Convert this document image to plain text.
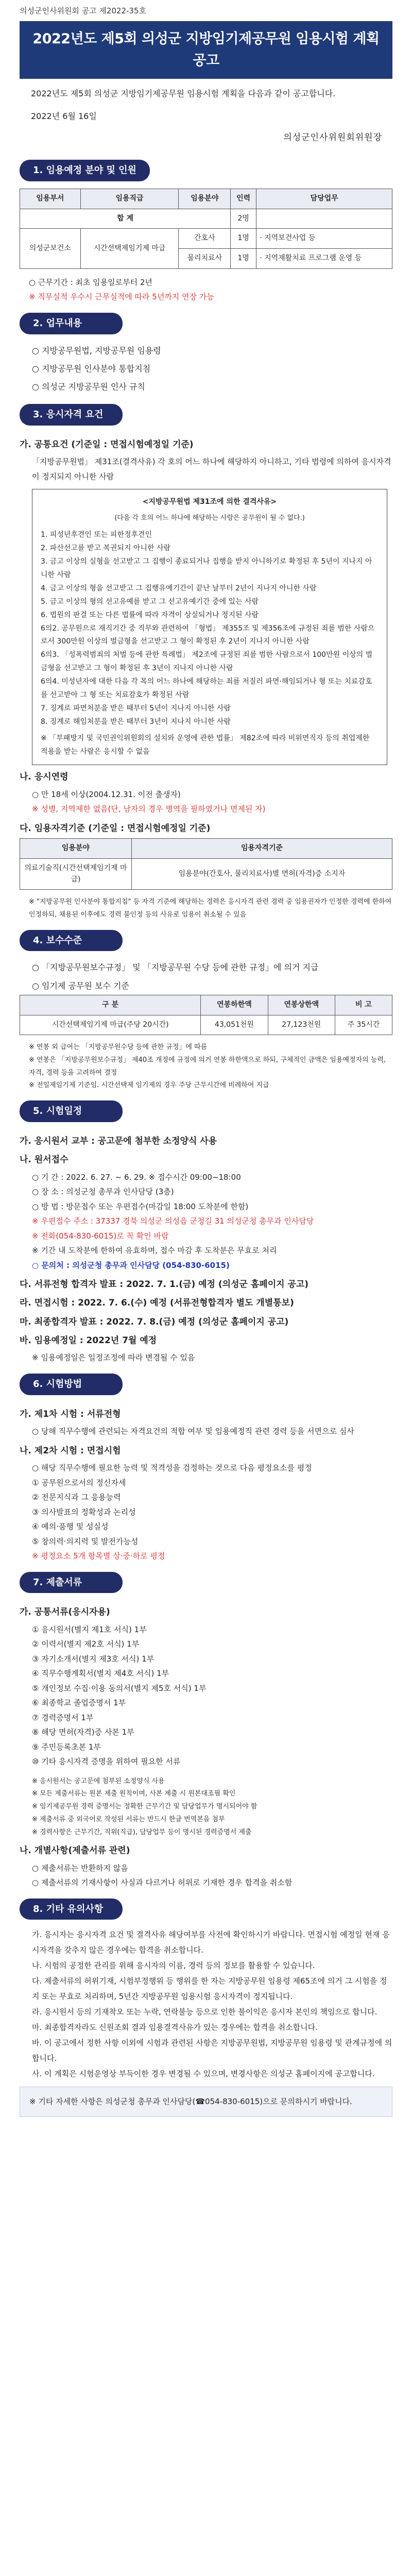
의성군인사위원회 공고 제2022-35호
2022년도 제5회 의성군 지방임기제공무원 임용시험 계획 공고
2022년도 제5회 의성군 지방임기제공무원 임용시험 계획을 다음과 같이 공고합니다.
2022년 6월 16일
의성군인사위원회위원장
1. 임용예정 분야 및 인원
임용부서	임용직급	임용분야	인력	담당업무
합 계			2명	
의성군보건소	시간선택제임기제 마급	간호사	1명	· 지역보건사업 등
		물리치료사	1명	· 지역재활치료 프로그램 운영 등
○ 근무기간 : 최초 임용일로부터 2년
※ 직무실적 우수시 근무실적에 따라 5년까지 연장 가능
2. 업무내용
○ 지방공무원법, 지방공무원 임용령
○ 지방공무원 인사분야 통합지침
○ 의성군 지방공무원 인사 규칙
3. 응시자격 요건
가. 공통요건 (기준일 : 면접시험예정일 기준)
「지방공무원법」 제31조(결격사유) 각 호의 어느 하나에 해당하지 아니하고, 기타 법령에 의하여 응시자격이 정지되지 아니한 사람
<지방공무원법 제31조에 의한 결격사유>
(다음 각 호의 어느 하나에 해당하는 사람은 공무원이 될 수 없다.)
1. 피성년후견인 또는 피한정후견인
2. 파산선고를 받고 복권되지 아니한 사람
3. 금고 이상의 실형을 선고받고 그 집행이 종료되거나 집행을 받지 아니하기로 확정된 후 5년이 지나지 아니한 사람
4. 금고 이상의 형을 선고받고 그 집행유예기간이 끝난 날부터 2년이 지나지 아니한 사람
5. 금고 이상의 형의 선고유예를 받고 그 선고유예기간 중에 있는 사람
6. 법원의 판결 또는 다른 법률에 따라 자격이 상실되거나 정지된 사람
6의2. 공무원으로 재직기간 중 직무와 관련하여 「형법」 제355조 및 제356조에 규정된 죄를 범한 사람으로서 300만원 이상의 벌금형을 선고받고 그 형이 확정된 후 2년이 지나지 아니한 사람
6의3. 「성폭력범죄의 처벌 등에 관한 특례법」 제2조에 규정된 죄를 범한 사람으로서 100만원 이상의 벌금형을 선고받고 그 형이 확정된 후 3년이 지나지 아니한 사람
6의4. 미성년자에 대한 다음 각 목의 어느 하나에 해당하는 죄를 저질러 파면·해임되거나 형 또는 치료감호를 선고받아 그 형 또는 치료감호가 확정된 사람
7. 징계로 파면처분을 받은 때부터 5년이 지나지 아니한 사람
8. 징계로 해임처분을 받은 때부터 3년이 지나지 아니한 사람
※ 「부패방지 및 국민권익위원회의 설치와 운영에 관한 법률」 제82조에 따라 비위면직자 등의 취업제한 적용을 받는 사람은 응시할 수 없음
나. 응시연령
○ 만 18세 이상(2004.12.31. 이전 출생자)
※ 성별, 지역제한 없음(단, 남자의 경우 병역을 필하였거나 면제된 자)
다. 임용자격기준 (기준일 : 면접시험예정일 기준)
임용분야	임용자격기준
의료기술직(시간선택제임기제 마급)	임용분야(간호사, 물리치료사)별 면허(자격)증 소지자
※ "지방공무원 인사분야 통합지침" 등 자격 기준에 해당하는 경력은 응시자격 관련 경력 중 임용권자가 인정한 경력에 한하여 인정하되, 채용된 이후에도 경력 불인정 등의 사유로 임용이 취소될 수 있음
4. 보수수준
○ 「지방공무원보수규정」 및 「지방공무원 수당 등에 관한 규정」에 의거 지급
○ 임기제 공무원 보수 기준
구 분	연봉하한액	연봉상한액	비 고
시간선택제임기제 마급(주당 20시간)	43,051천원	27,123천원	주 35시간
※ 연봉 외 급여는 「지방공무원수당 등에 관한 규정」에 따름
※ 연봉은 「지방공무원보수규정」 제40조 개정에 규정에 의거 연봉 하한액으로 하되, 구체적인 금액은 임용예정자의 능력, 자격, 경력 등을 고려하여 결정
※ 전일제임기제 기준임. 시간선택제 임기제의 경우 주당 근무시간에 비례하여 지급
5. 시험일정
가. 응시원서 교부 : 공고문에 첨부한 소정양식 사용
나. 원서접수
○ 기 간 : 2022. 6. 27. ~ 6. 29. ※ 접수시간 09:00~18:00
○ 장 소 : 의성군청 총무과 인사담당 (3층)
○ 방 법 : 방문접수 또는 우편접수(마감일 18:00 도착분에 한함)
※ 우편접수 주소 : 37337 경북 의성군 의성읍 군청길 31 의성군청 총무과 인사담당
※ 전화(054-830-6015)로 꼭 확인 바람
※ 기간 내 도착분에 한하여 유효하며, 접수 마감 후 도착분은 무효로 처리
○ 문의처 : 의성군청 총무과 인사담당 (054-830-6015)
다. 서류전형 합격자 발표 : 2022. 7. 1.(금) 예정 (의성군 홈페이지 공고)
라. 면접시험 : 2022. 7. 6.(수) 예정 (서류전형합격자 별도 개별통보)
마. 최종합격자 발표 : 2022. 7. 8.(금) 예정 (의성군 홈페이지 공고)
바. 임용예정일 : 2022년 7월 예정
※ 임용예정일은 일정조정에 따라 변경될 수 있음
6. 시험방법
가. 제1차 시험 : 서류전형
○ 당해 직무수행에 관련되는 자격요건의 적합 여부 및 임용예정직 관련 경력 등을 서면으로 심사
나. 제2차 시험 : 면접시험
○ 해당 직무수행에 필요한 능력 및 적격성을 검정하는 것으로 다음 평정요소를 평정
① 공무원으로서의 정신자세
② 전문지식과 그 응용능력
③ 의사발표의 정확성과 논리성
④ 예의·품행 및 성실성
⑤ 창의력·의지력 및 발전가능성
※ 평정요소 5개 항목별 상·중·하로 평정
7. 제출서류
가. 공통서류(응시자용)
① 응시원서(별지 제1호 서식) 1부
② 이력서(별지 제2호 서식) 1부
③ 자기소개서(별지 제3호 서식) 1부
④ 직무수행계획서(별지 제4호 서식) 1부
⑤ 개인정보 수집·이용 동의서(별지 제5호 서식) 1부
⑥ 최종학교 졸업증명서 1부
⑦ 경력증명서 1부
⑧ 해당 면허(자격)증 사본 1부
⑨ 주민등록초본 1부
⑩ 기타 응시자격 증명을 위하여 필요한 서류
※ 응시원서는 공고문에 첨부된 소정양식 사용
※ 모든 제출서류는 원본 제출 원칙이며, 사본 제출 시 원본대조필 확인
※ 임기제공무원 경력 증명서는 정확한 근무기간 및 담당업무가 명시되어야 함
※ 제출서류 중 외국어로 작성된 서류는 반드시 한글 번역본을 첨부
※ 경력사항은 근무기간, 직위(직급), 담당업무 등이 명시된 경력증명서 제출
나. 개별사항(제출서류 관련)
○ 제출서류는 반환하지 않음
○ 제출서류의 기재사항이 사실과 다르거나 허위로 기재한 경우 합격을 취소함
8. 기타 유의사항
가. 응시자는 응시자격 요건 및 결격사유 해당여부를 사전에 확인하시기 바랍니다. 면접시험 예정일 현재 응시자격을 갖추지 않은 경우에는 합격을 취소합니다.
나. 시험의 공정한 관리를 위해 응시자의 이름, 경력 등의 정보를 활용할 수 있습니다.
다. 제출서류의 허위기재, 시험부정행위 등 행위를 한 자는 지방공무원 임용령 제65조에 의거 그 시험을 정지 또는 무효로 처리하며, 5년간 지방공무원 임용시험 응시자격이 정지됩니다.
라. 응시원서 등의 기재착오 또는 누락, 연락불능 등으로 인한 불이익은 응시자 본인의 책임으로 합니다.
마. 최종합격자라도 신원조회 결과 임용결격사유가 있는 경우에는 합격을 취소합니다.
바. 이 공고에서 정한 사항 이외에 시험과 관련된 사항은 지방공무원법, 지방공무원 임용령 및 관계규정에 의합니다.
사. 이 계획은 시험운영상 부득이한 경우 변경될 수 있으며, 변경사항은 의성군 홈페이지에 공고합니다.
※ 기타 자세한 사항은 의성군청 총무과 인사담당(☎054-830-6015)으로 문의하시기 바랍니다.
